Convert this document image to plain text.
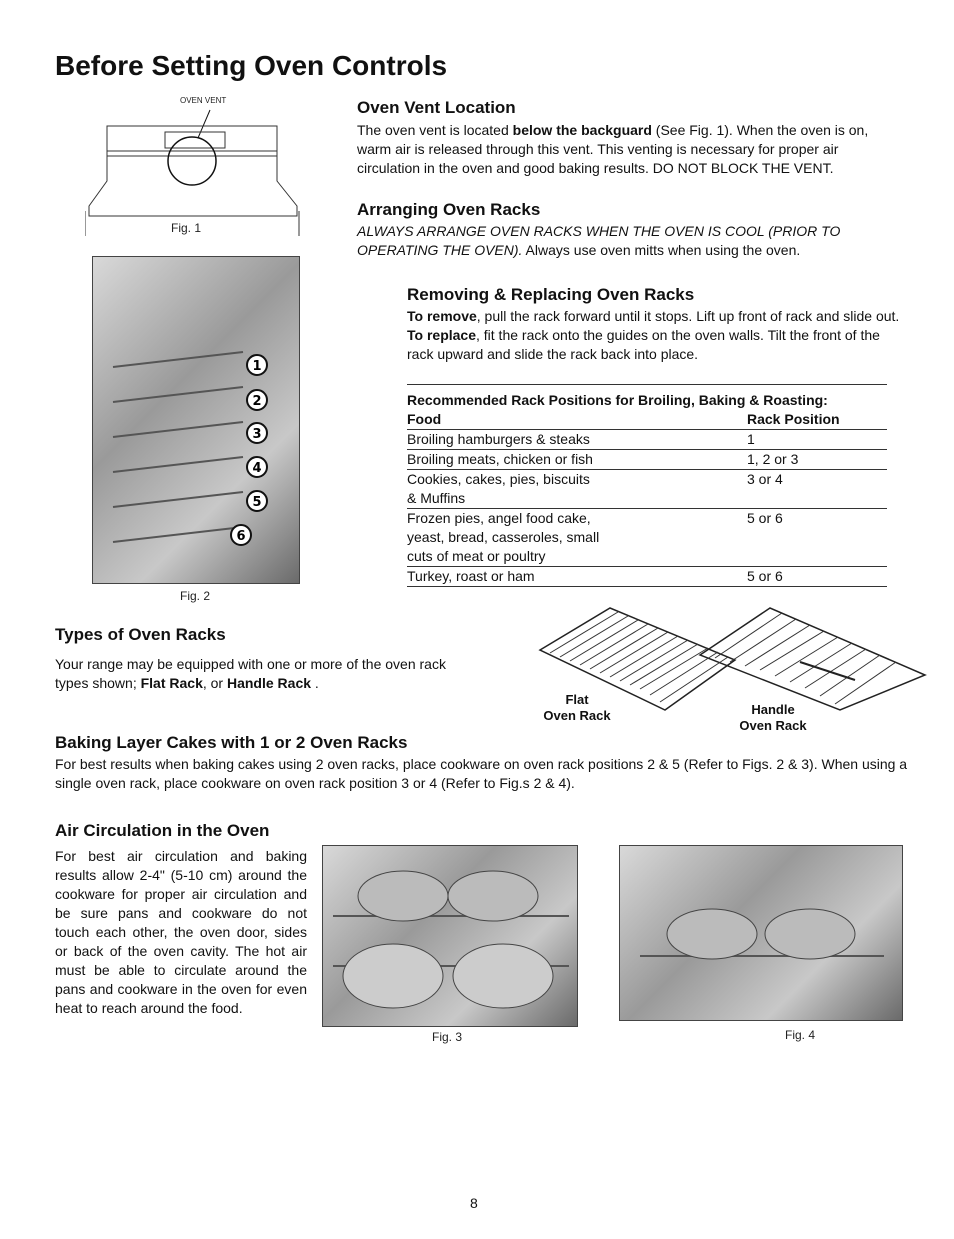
Before Setting Oven Controls
OVEN VENT
Fig. 1
1
2
3
4
5
6
Fig. 2
Oven Vent Location

The oven vent is located below the backguard (See Fig. 1). When the oven is on, warm air is released through this vent. This venting is necessary for proper air circulation in the oven and good baking results. DO NOT BLOCK THE VENT.

Arranging Oven Racks

ALWAYS ARRANGE OVEN RACKS WHEN THE OVEN IS COOL (PRIOR TO OPERATING THE OVEN). Always use oven mitts when using the oven.

Removing & Replacing Oven Racks

To remove, pull the rack forward until it stops. Lift up front of rack and slide out. To replace, fit the rack onto the guides on the oven walls. Tilt the front of the rack upward and slide the rack back into place.

Recommended Rack Positions for Broiling, Baking & Roasting:
Food	Rack Position
Broiling hamburgers & steaks	1
Broiling meats, chicken or fish	1, 2 or 3
Cookies, cakes, pies, biscuits	3 or 4
& Muffins
Frozen pies, angel food cake,	5 or 6
yeast, bread, casseroles, small
cuts of meat or poultry
Turkey, roast or ham	5 or 6
Types of Oven Racks

Your range may be equipped with one or more of the oven rack types shown; Flat Rack, or Handle Rack .

Flat
Oven Rack	Handle
Oven Rack
Baking Layer Cakes with 1 or 2 Oven Racks

For best results when baking cakes using 2 oven racks, place cookware on oven rack positions 2 & 5 (Refer to Figs. 2 & 3). When using a single oven rack, place cookware on oven rack position 3 or 4 (Refer to Fig.s 2 & 4).

Air Circulation in the Oven

For best air circulation and baking results allow 2-4" (5-10 cm) around the cookware for proper air circulation and be sure pans and cookware do not touch each other, the oven door, sides or back of the oven cavity. The hot air must be able to circulate around the pans and cookware in the oven for even heat to reach around the food.

Fig. 3	Fig. 4
8
